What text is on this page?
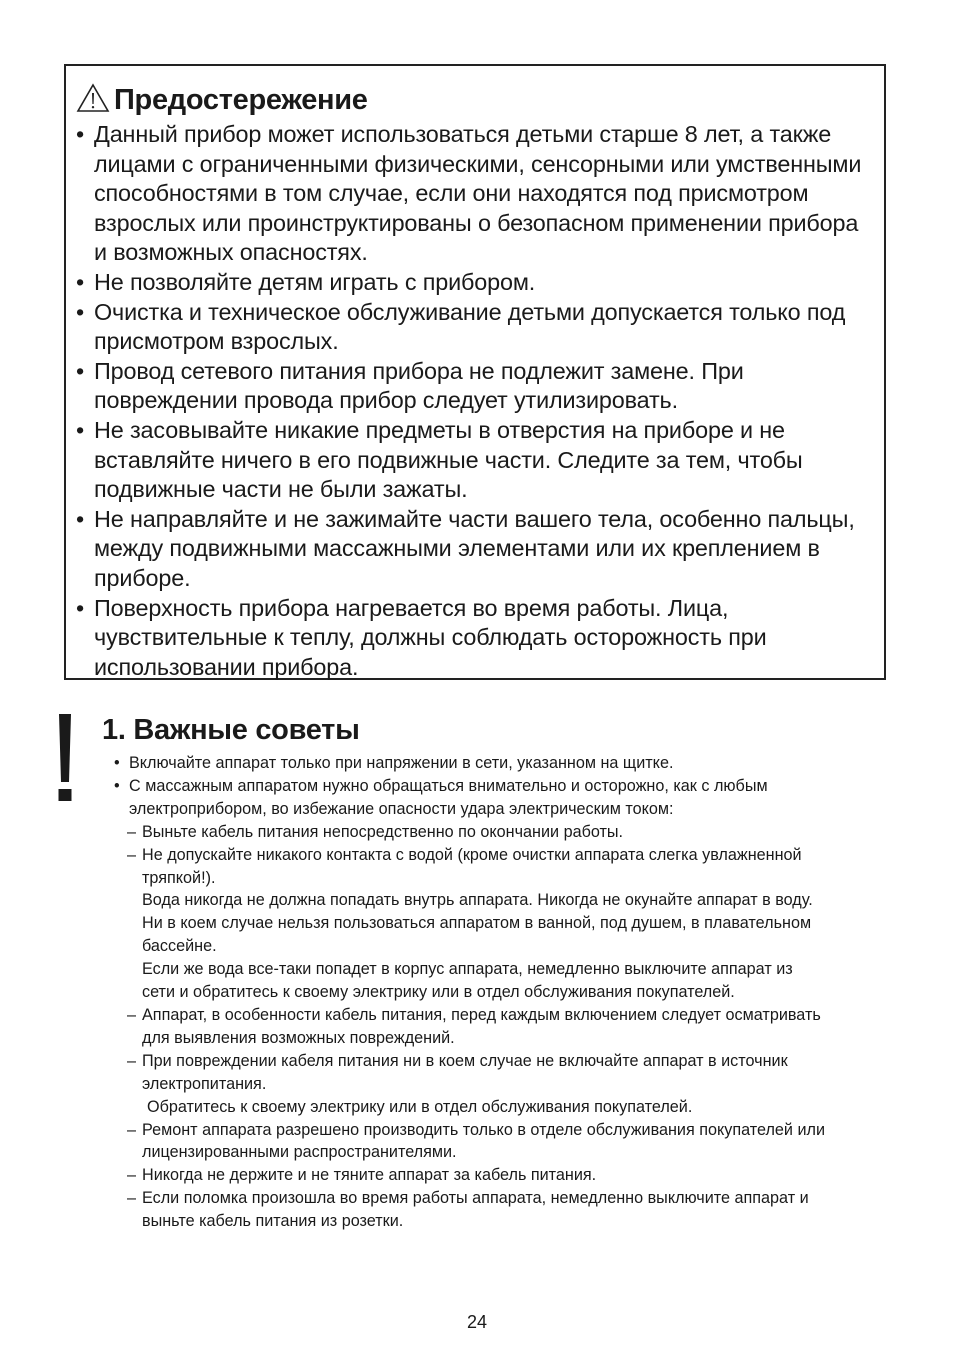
Предостережение
• Данный прибор может использоваться детьми старше 8 лет, а также лицами с ограниченными физическими, сенсорными или умственными способностями в том случае, если они находятся под присмотром взрослых или проинструктированы о безопасном применении прибора и возможных опасностях.
• Не позволяйте детям играть с прибором.
• Очистка и техническое обслуживание детьми допускается только под присмотром взрослых.
• Провод сетевого питания прибора не подлежит замене. При повреждении провода прибор следует утилизировать.
• Не засовывайте никакие предметы в отверстия на приборе и не вставляйте ничего в его подвижные части. Следите за тем, чтобы подвижные части не были зажаты.
• Не направляйте и не зажимайте части вашего тела, особенно пальцы, между подвижными массажными элементами или их креплением в приборе.
• Поверхность прибора нагревается во время работы. Лица, чувствительные к теплу, должны соблюдать осторожность при использовании прибора.
1. Важные советы
• Включайте аппарат только при напряжении в сети, указанном на щитке.
• С массажным аппаратом нужно обращаться внимательно и осторожно, как с любым
электроприбором, во избежание опасности удара электрическим током:
– Выньте кабель питания непосредственно по окончании работы.
– Не допускайте никакого контакта с водой (кроме очистки аппарата слегка увлажненной
тряпкой!).
Вода никогда не должна попадать внутрь аппарата. Никогда не окунайте аппарат в воду.
Ни в коем случае нельзя пользоваться аппаратом в ванной, под душем, в плавательном
бассейне.
Если же вода все-таки попадет в корпус аппарата, немедленно выключите аппарат из
сети и обратитесь к своему электрику или в отдел обслуживания покупателей.
– Аппарат, в особенности кабель питания, перед каждым включением следует осматривать
для выявления возможных повреждений.
– При повреждении кабеля питания ни в коем случае не включайте аппарат в источник
электропитания.
Обратитесь к своему электрику или в отдел обслуживания покупателей.
– Ремонт аппарата разрешено производить только в отделе обслуживания покупателей или
лицензированными распространителями.
– Никогда не держите и не тяните аппарат за кабель питания.
– Если поломка произошла во время работы аппарата, немедленно выключите аппарат и
выньте кабель питания из розетки.
24
